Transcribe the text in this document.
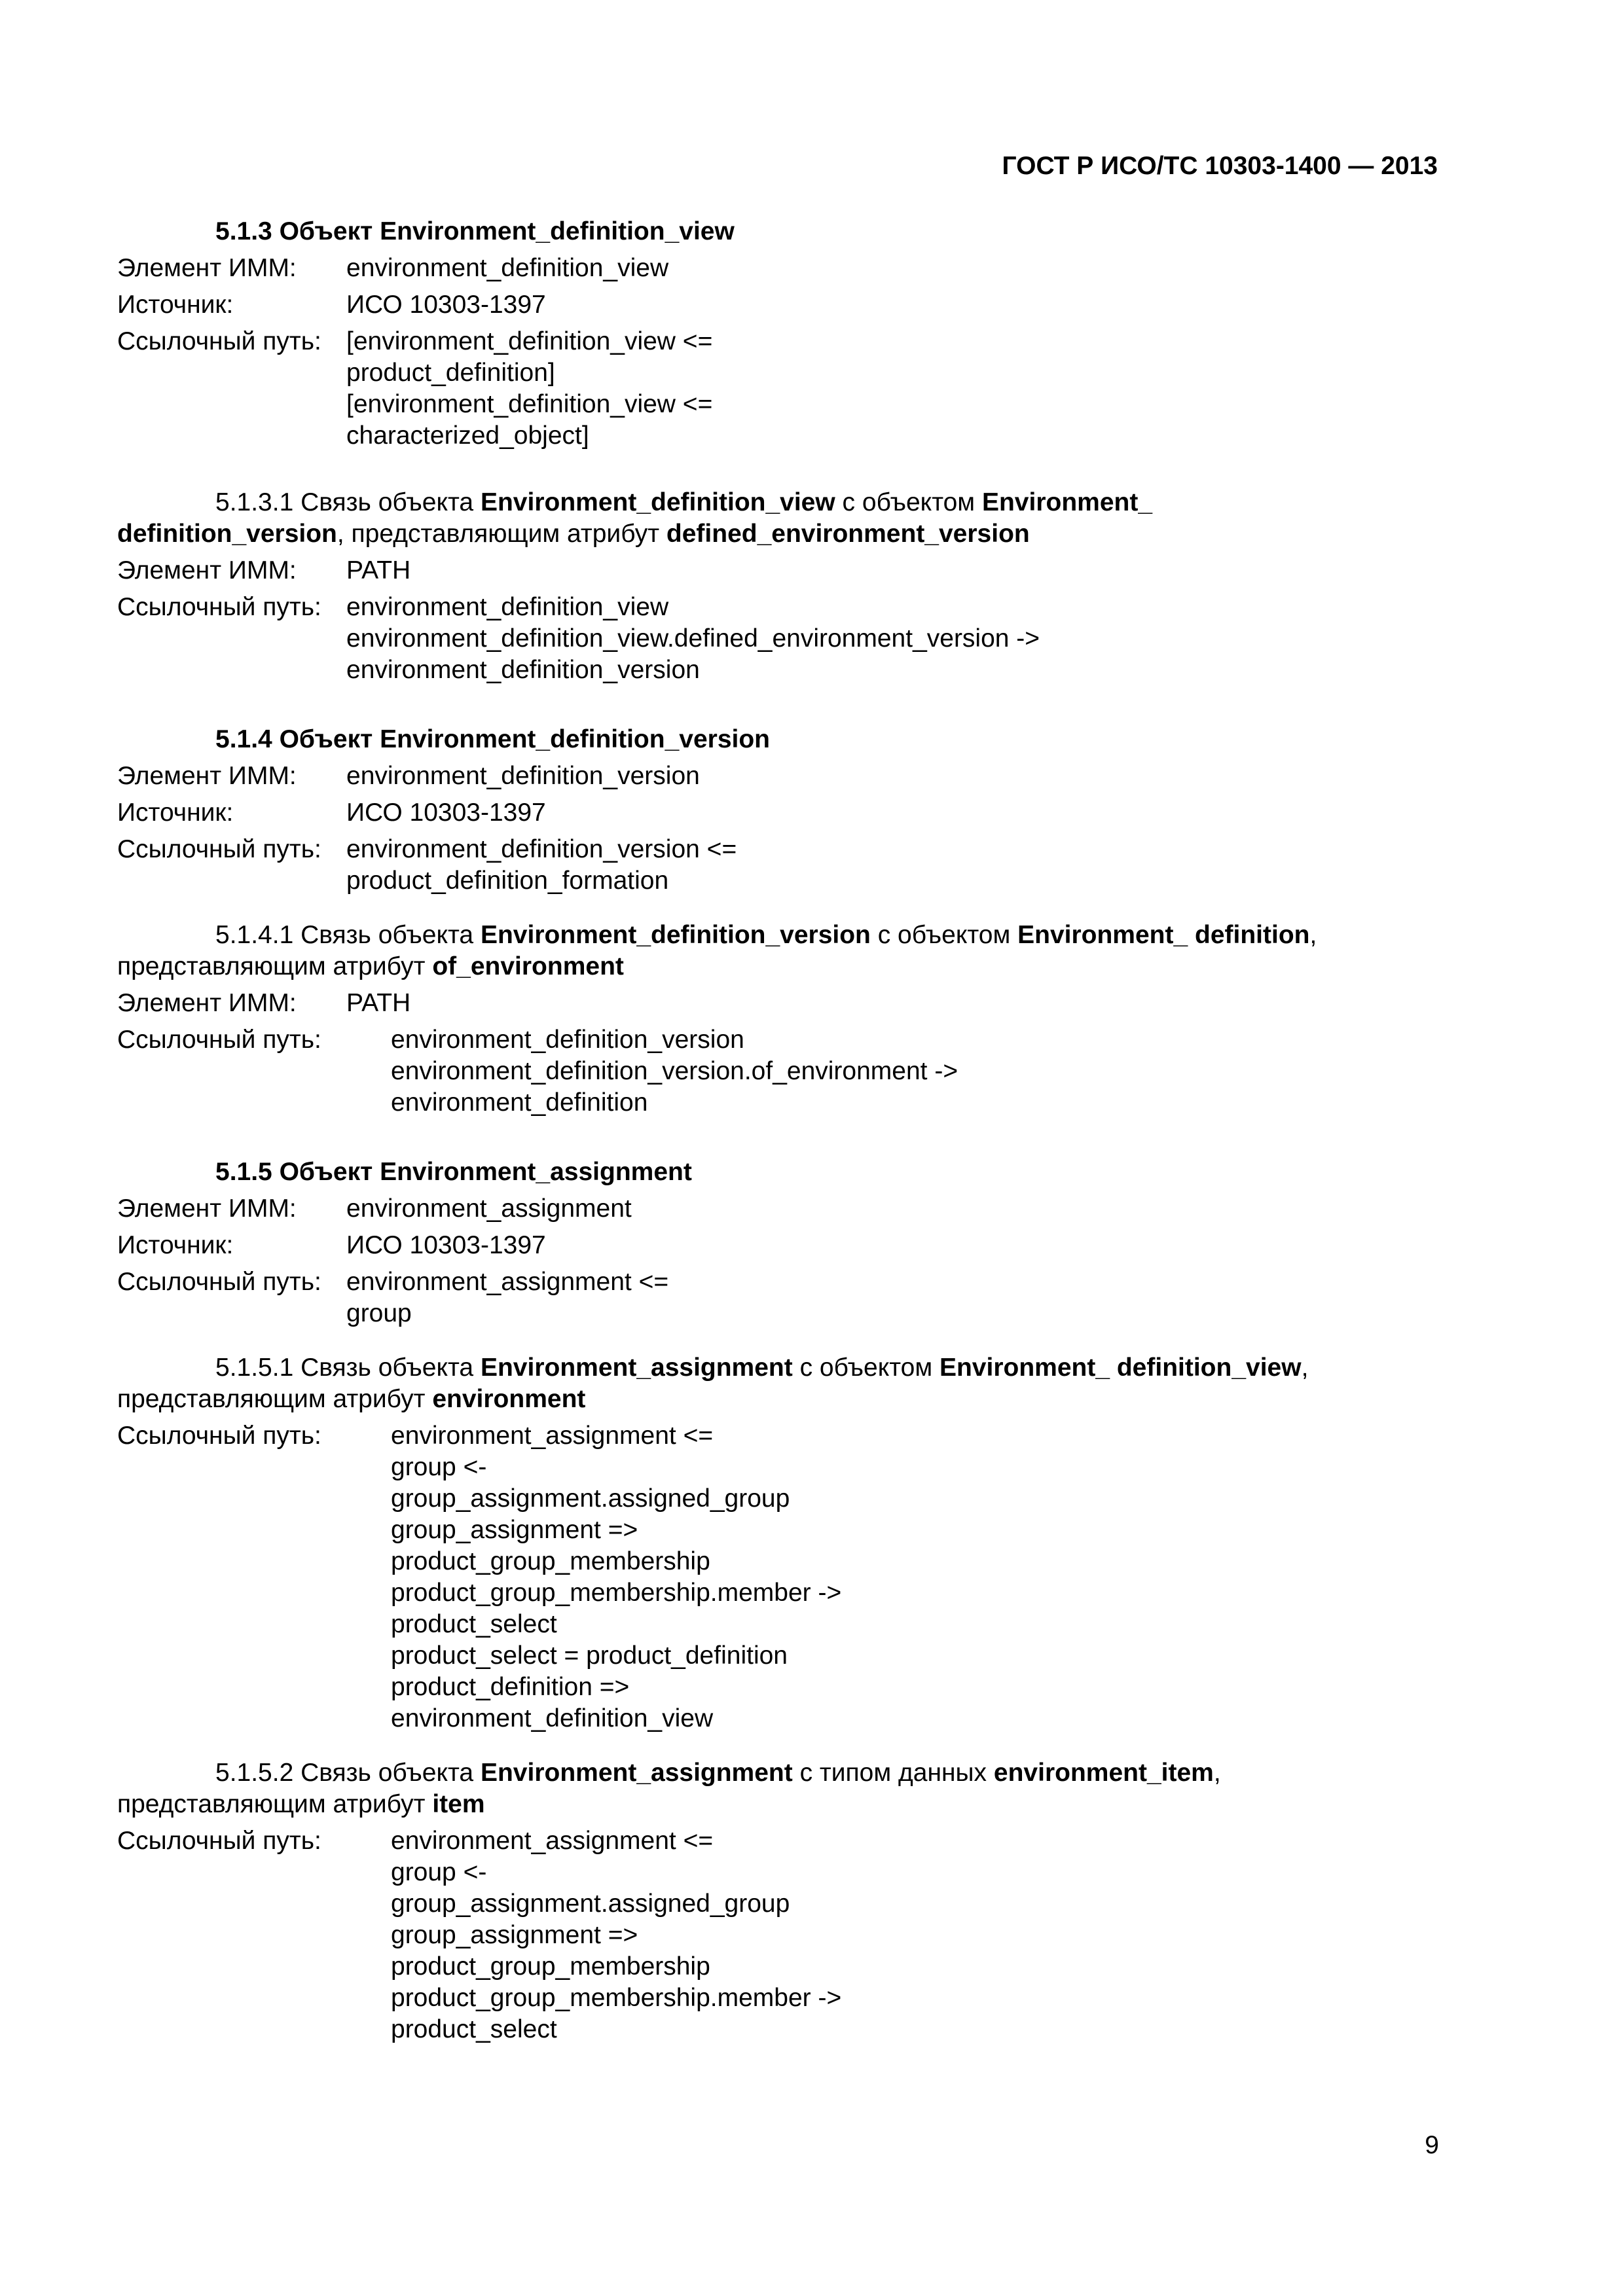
ГОСТ Р ИСО/ТС 10303-1400 — 2013
5.1.3 Объект Environment_definition_view
Элемент ИММ:	environment_definition_view
Источник:	ИСО 10303-1397
Ссылочный путь: [environment_definition_view <=
product_definition]
[environment_definition_view <=
characterized_object]
5.1.3.1 Связь объекта Environment_definition_view с объектом Environment_
definition_version, представляющим атрибут defined_environment_version
Элемент ИММ:	PATH
Ссылочный путь: environment_definition_view
environment_definition_view.defined_environment_version ->
environment_definition_version
5.1.4 Объект Environment_definition_version
Элемент ИММ:	environment_definition_version
Источник:	ИСО 10303-1397
Ссылочный путь: environment_definition_version <=
product_definition_formation
5.1.4.1 Связь объекта Environment_definition_version с объектом Environment_ definition,
представляющим атрибут of_environment
Элемент ИММ:	PATH
Ссылочный путь:	environment_definition_version
environment_definition_version.of_environment ->
environment_definition
5.1.5 Объект Environment_assignment
Элемент ИММ:	environment_assignment
Источник:	ИСО 10303-1397
Ссылочный путь: environment_assignment <=
group
5.1.5.1 Связь объекта Environment_assignment с объектом Environment_ definition_view,
представляющим атрибут environment
Ссылочный путь:	environment_assignment <=
group <-
group_assignment.assigned_group
group_assignment =>
product_group_membership
product_group_membership.member ->
product_select
product_select = product_definition
product_definition =>
environment_definition_view
5.1.5.2 Связь объекта Environment_assignment с типом данных environment_item,
представляющим атрибут item
Ссылочный путь:	environment_assignment <=
group <-
group_assignment.assigned_group
group_assignment =>
product_group_membership
product_group_membership.member ->
product_select
9
